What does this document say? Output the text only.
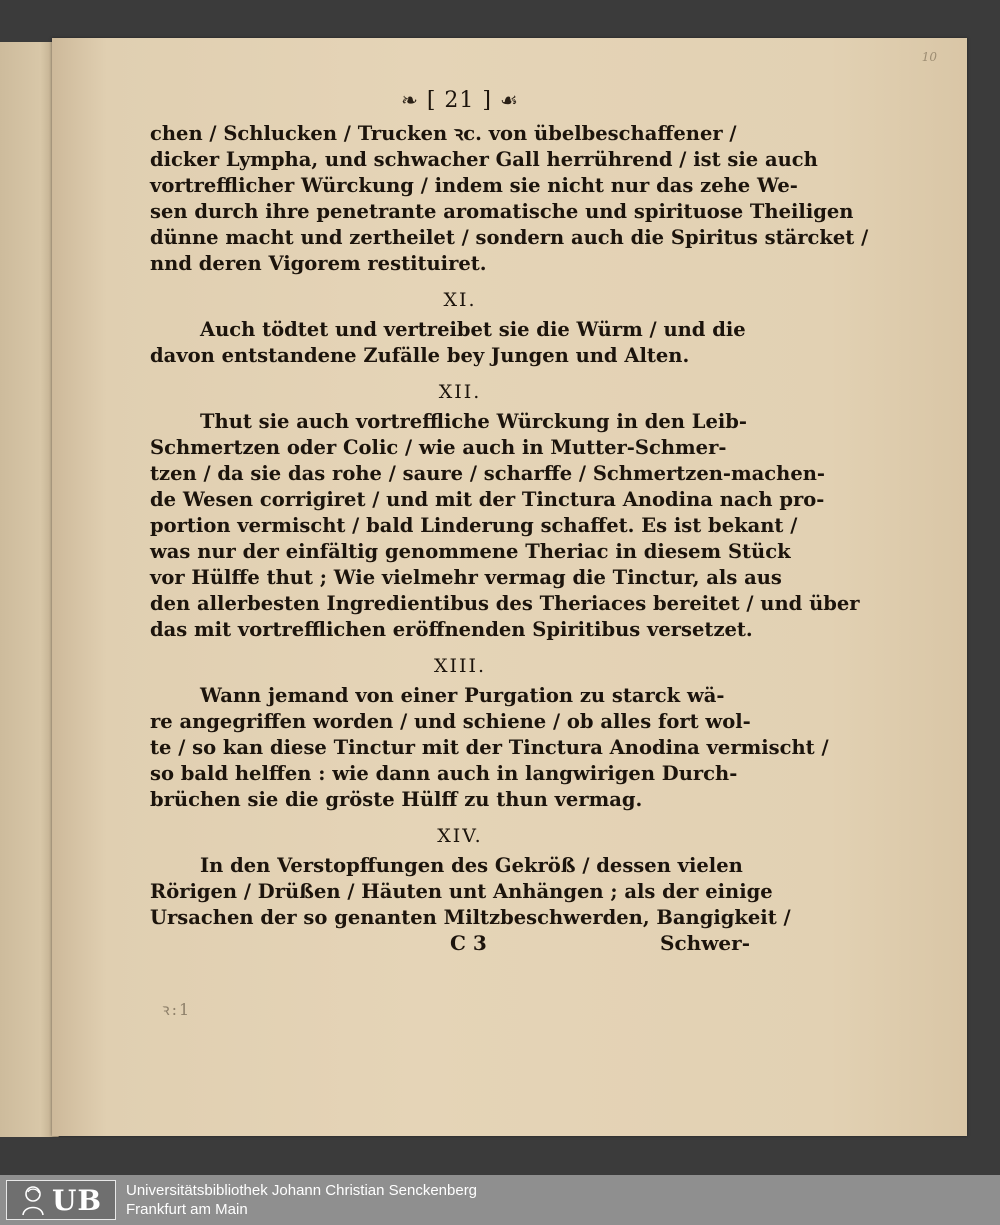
10
❧ [ 21 ] ☙

chen / Schlucken / Trucken ꝛc. von übelbeschaffener /
dicker Lympha, und schwacher Gall herrührend / ist sie auch
vortrefflicher Würckung / indem sie nicht nur das zehe We-
sen durch ihre penetrante aromatische und spirituose Theiligen
dünne macht und zertheilet / sondern auch die Spiritus stärcket /
nnd deren Vigorem restituiret.

XI.

Auch tödtet und vertreibet sie die Würm / und die
davon entstandene Zufälle bey Jungen und Alten.

XII.

Thut sie auch vortreffliche Würckung in den Leib-
Schmertzen oder Colic / wie auch in Mutter-Schmer-
tzen / da sie das rohe / saure / scharffe / Schmertzen-machen-
de Wesen corrigiret / und mit der Tinctura Anodina nach pro-
portion vermischt / bald Linderung schaffet. Es ist bekant /
was nur der einfältig genommene Theriac in diesem Stück
vor Hülffe thut ; Wie vielmehr vermag die Tinctur, als aus
den allerbesten Ingredientibus des Theriaces bereitet / und über
das mit vortrefflichen eröffnenden Spiritibus versetzet.

XIII.

Wann jemand von einer Purgation zu starck wä-
re angegriffen worden / und schiene / ob alles fort wol-
te / so kan diese Tinctur mit der Tinctura Anodina vermischt /
so bald helffen : wie dann auch in langwirigen Durch-
brüchen sie die gröste Hülff zu thun vermag.

XIV.

In den Verstopffungen des Gekröß / dessen vielen
Rörigen / Drüßen / Häuten unt Anhängen ; als der einige
Ursachen der so genanten Miltzbeschwerden, Bangigkeit /

C 3	Schwer-
ꝛ:1
UB Universitätsbibliothek Johann Christian Senckenberg
Frankfurt am Main
